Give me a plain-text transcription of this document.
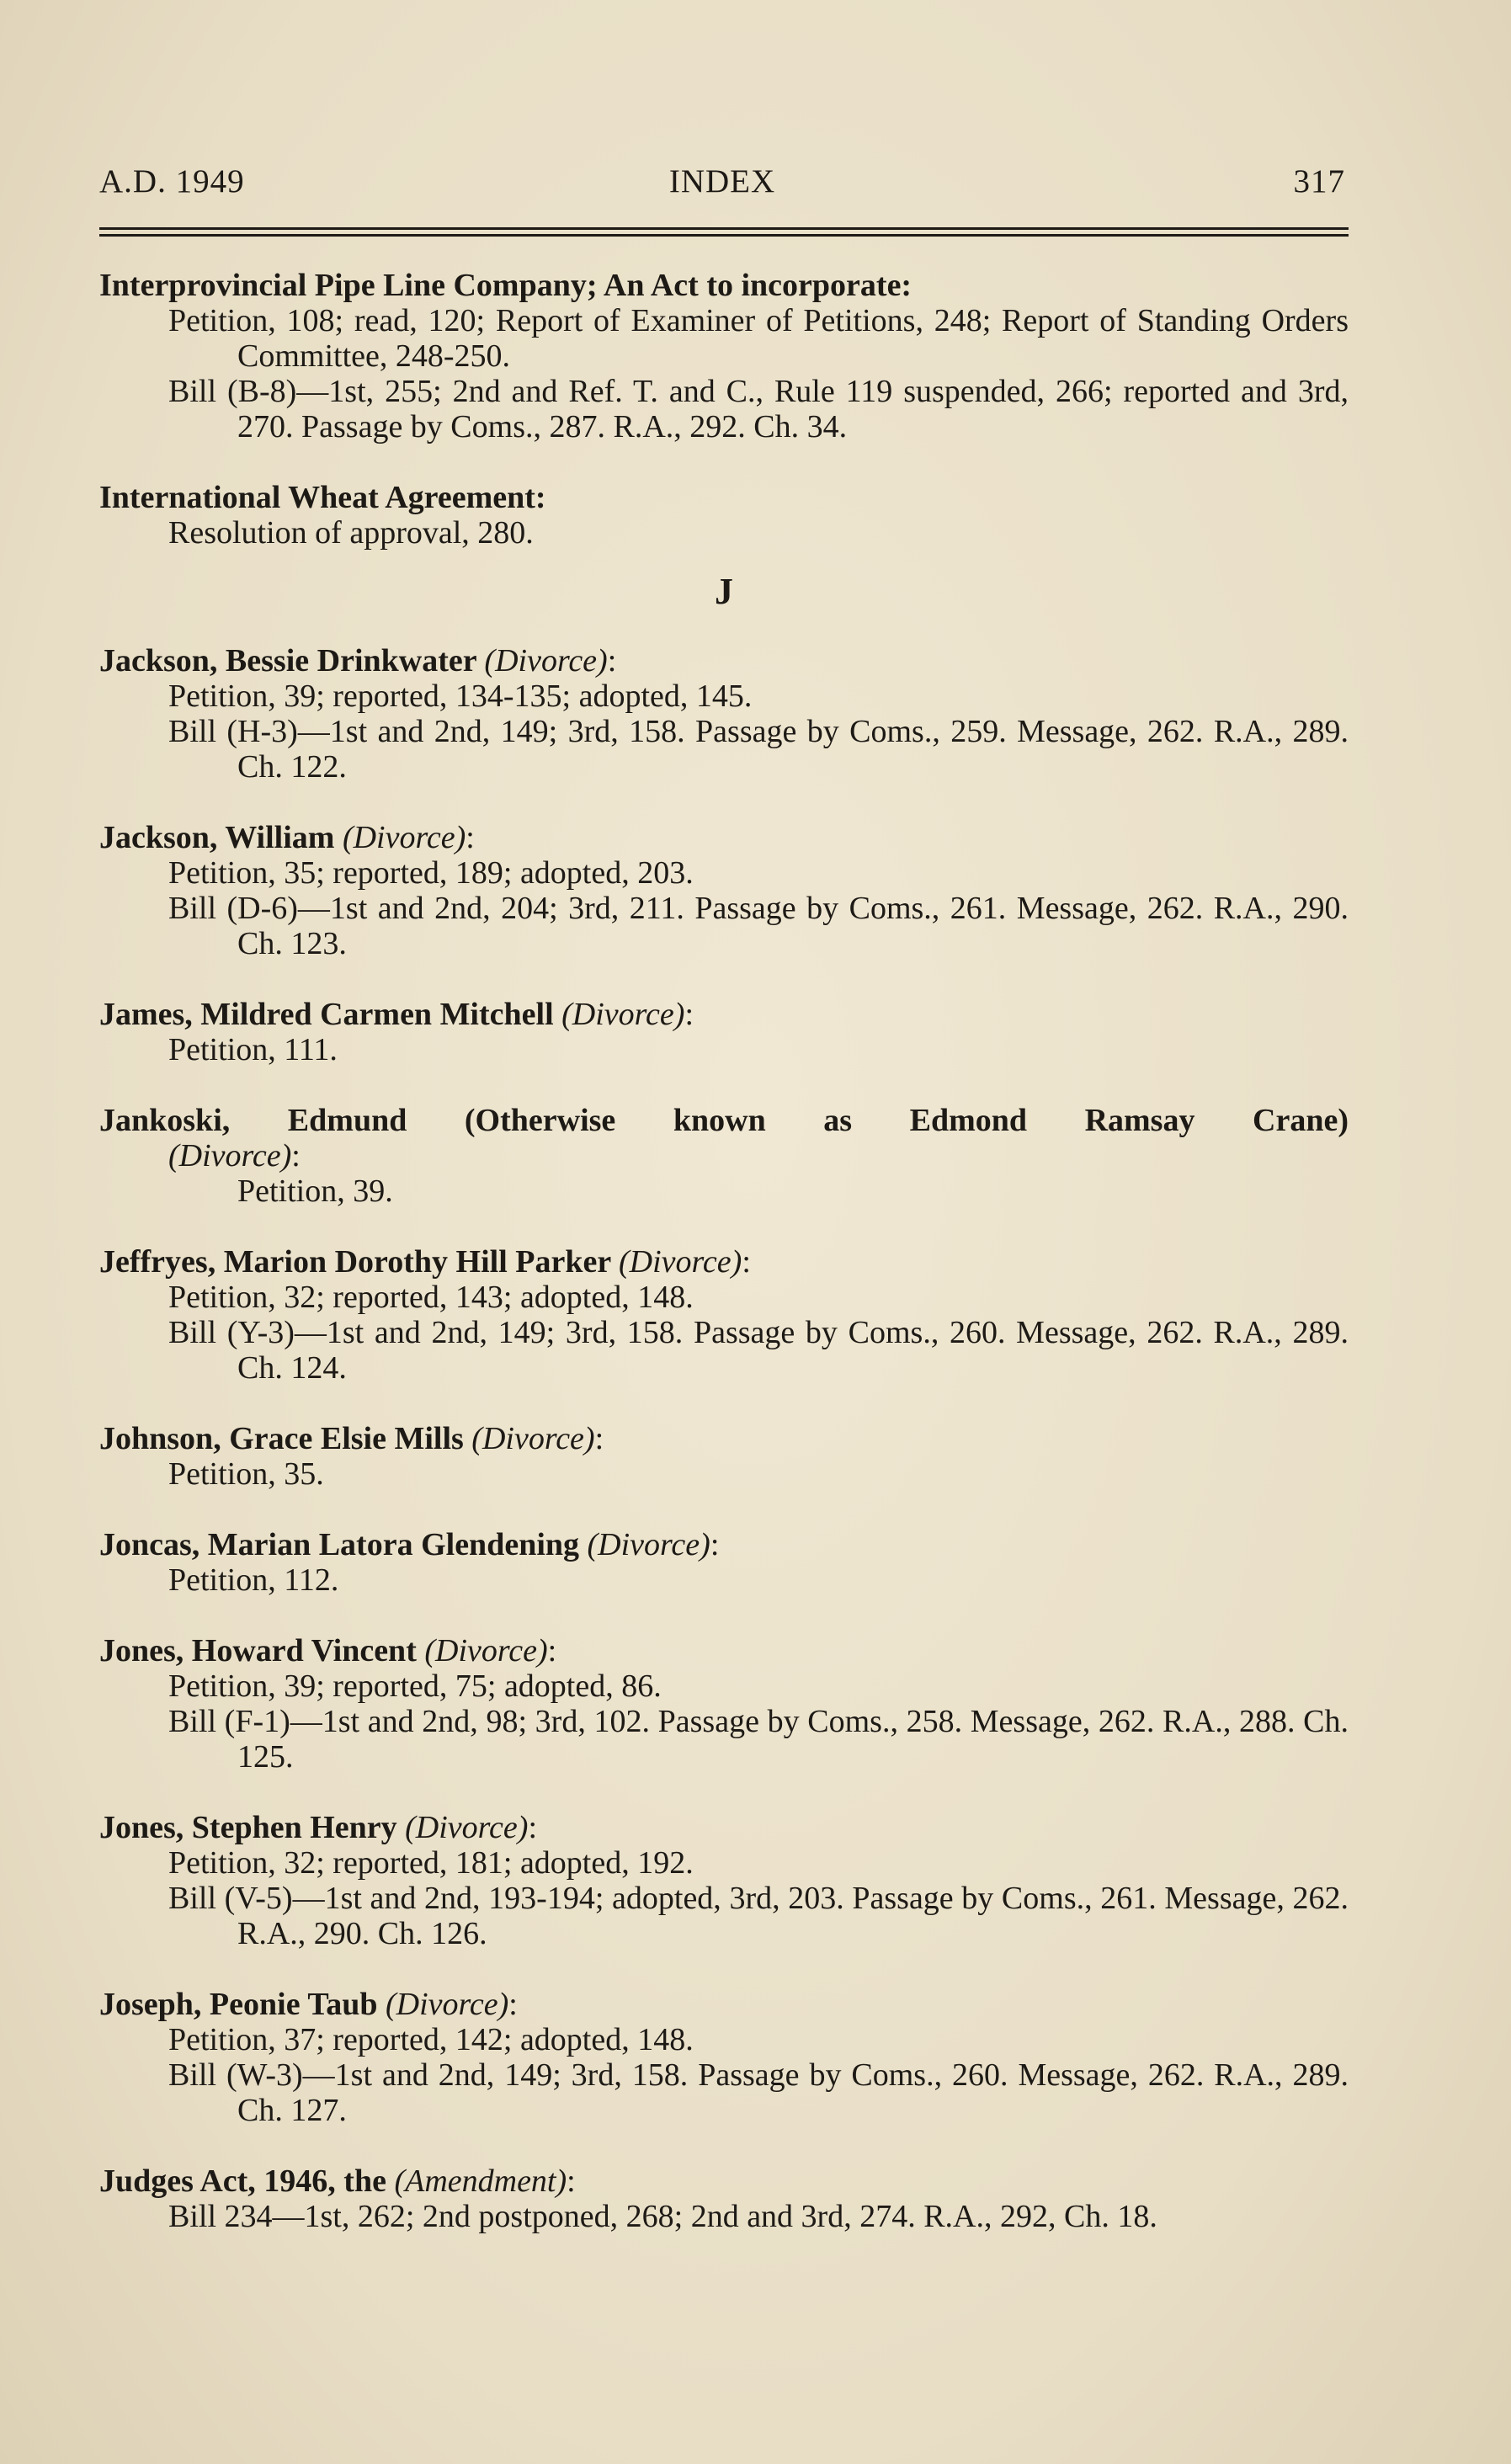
A.D. 1949	INDEX	317

Interprovincial Pipe Line Company; An Act to incorporate:

Petition, 108; read, 120; Report of Examiner of Petitions, 248; Report of Standing Orders Committee, 248-250.

Bill (B-8)—1st, 255; 2nd and Ref. T. and C., Rule 119 suspended, 266; reported and 3rd, 270. Passage by Coms., 287. R.A., 292. Ch. 34.

International Wheat Agreement:

Resolution of approval, 280.

J

Jackson, Bessie Drinkwater (Divorce):

Petition, 39; reported, 134-135; adopted, 145.

Bill (H-3)—1st and 2nd, 149; 3rd, 158. Passage by Coms., 259. Message, 262. R.A., 289. Ch. 122.

Jackson, William (Divorce):

Petition, 35; reported, 189; adopted, 203.

Bill (D-6)—1st and 2nd, 204; 3rd, 211. Passage by Coms., 261. Message, 262. R.A., 290. Ch. 123.

James, Mildred Carmen Mitchell (Divorce):

Petition, 111.

Jankoski, Edmund (Otherwise known as Edmond Ramsay Crane)

(Divorce):

Petition, 39.

Jeffryes, Marion Dorothy Hill Parker (Divorce):

Petition, 32; reported, 143; adopted, 148.

Bill (Y-3)—1st and 2nd, 149; 3rd, 158. Passage by Coms., 260. Message, 262. R.A., 289. Ch. 124.

Johnson, Grace Elsie Mills (Divorce):

Petition, 35.

Joncas, Marian Latora Glendening (Divorce):

Petition, 112.

Jones, Howard Vincent (Divorce):

Petition, 39; reported, 75; adopted, 86.

Bill (F-1)—1st and 2nd, 98; 3rd, 102. Passage by Coms., 258. Message, 262. R.A., 288. Ch. 125.

Jones, Stephen Henry (Divorce):

Petition, 32; reported, 181; adopted, 192.

Bill (V-5)—1st and 2nd, 193-194; adopted, 3rd, 203. Passage by Coms., 261. Message, 262. R.A., 290. Ch. 126.

Joseph, Peonie Taub (Divorce):

Petition, 37; reported, 142; adopted, 148.

Bill (W-3)—1st and 2nd, 149; 3rd, 158. Passage by Coms., 260. Message, 262. R.A., 289. Ch. 127.

Judges Act, 1946, the (Amendment):

Bill 234—1st, 262; 2nd postponed, 268; 2nd and 3rd, 274. R.A., 292, Ch. 18.
